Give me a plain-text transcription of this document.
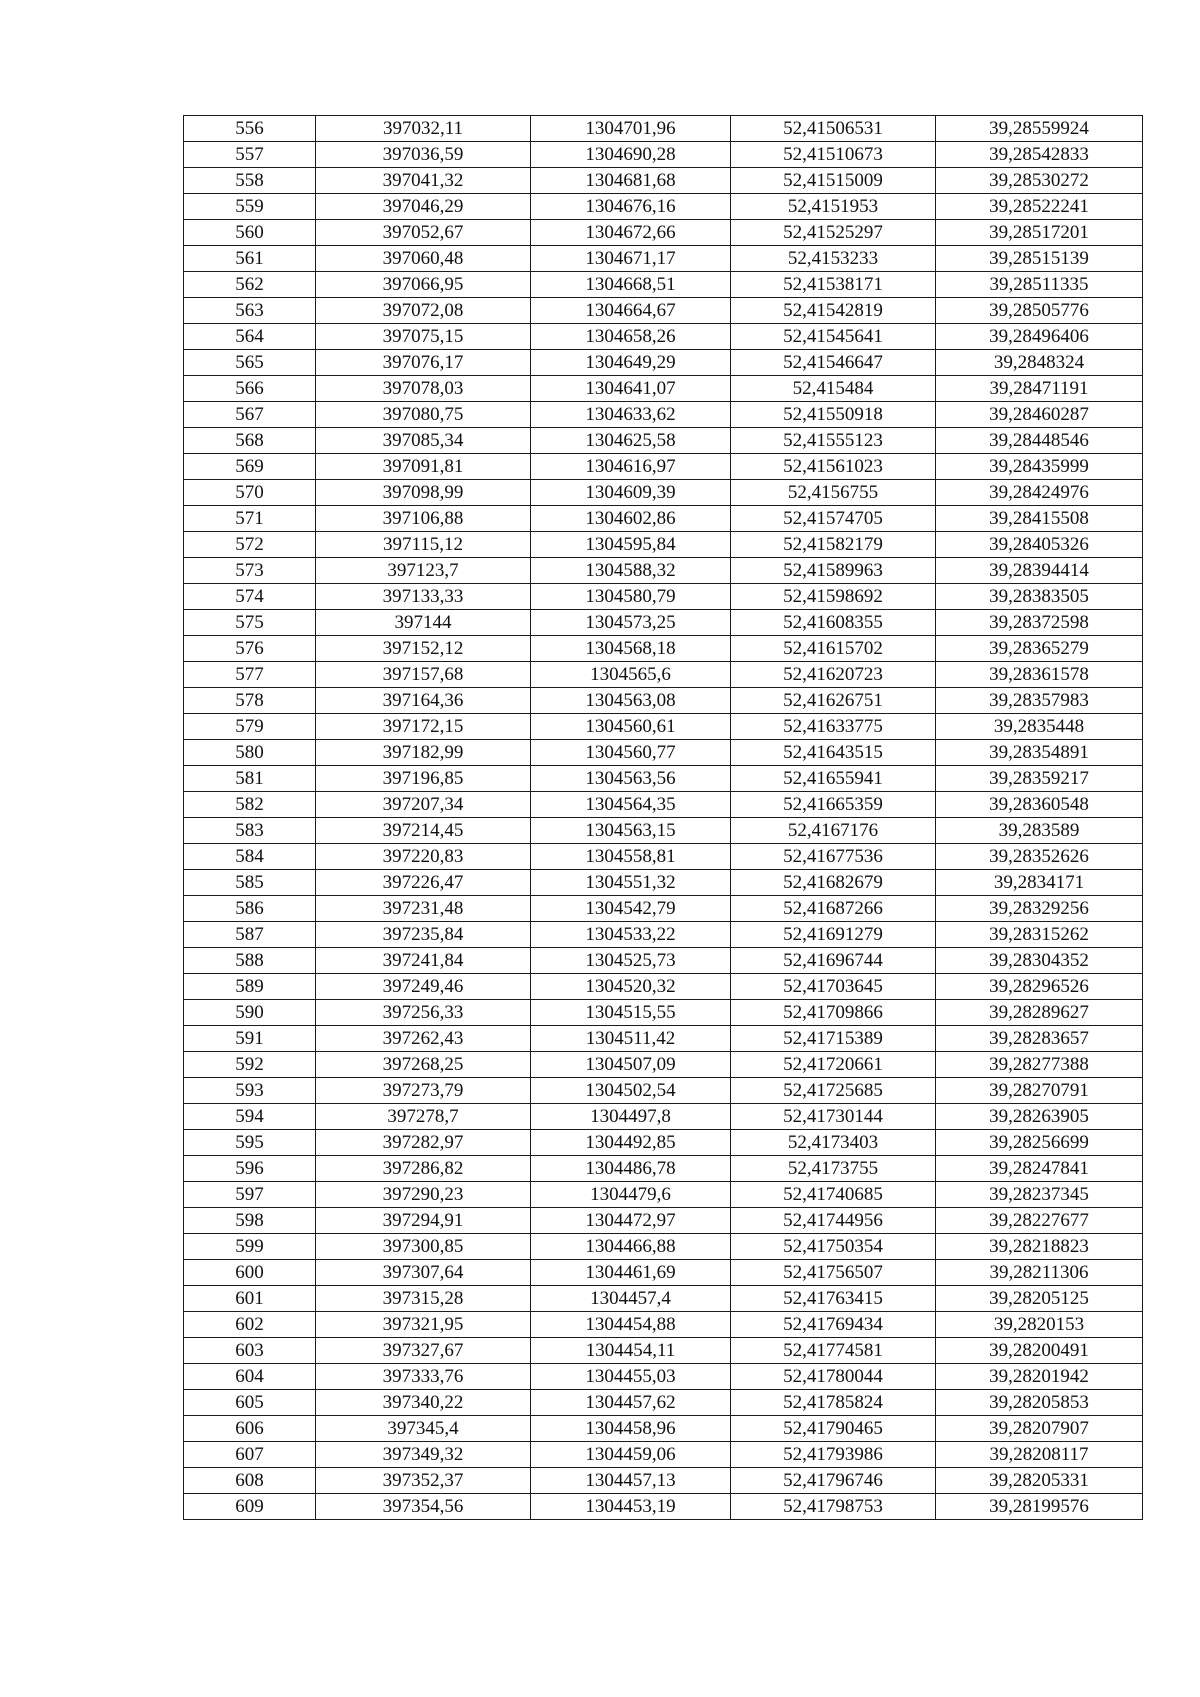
556	397032,11	1304701,96	52,41506531	39,28559924
557	397036,59	1304690,28	52,41510673	39,28542833
558	397041,32	1304681,68	52,41515009	39,28530272
559	397046,29	1304676,16	52,4151953	39,28522241
560	397052,67	1304672,66	52,41525297	39,28517201
561	397060,48	1304671,17	52,4153233	39,28515139
562	397066,95	1304668,51	52,41538171	39,28511335
563	397072,08	1304664,67	52,41542819	39,28505776
564	397075,15	1304658,26	52,41545641	39,28496406
565	397076,17	1304649,29	52,41546647	39,2848324
566	397078,03	1304641,07	52,415484	39,28471191
567	397080,75	1304633,62	52,41550918	39,28460287
568	397085,34	1304625,58	52,41555123	39,28448546
569	397091,81	1304616,97	52,41561023	39,28435999
570	397098,99	1304609,39	52,4156755	39,28424976
571	397106,88	1304602,86	52,41574705	39,28415508
572	397115,12	1304595,84	52,41582179	39,28405326
573	397123,7	1304588,32	52,41589963	39,28394414
574	397133,33	1304580,79	52,41598692	39,28383505
575	397144	1304573,25	52,41608355	39,28372598
576	397152,12	1304568,18	52,41615702	39,28365279
577	397157,68	1304565,6	52,41620723	39,28361578
578	397164,36	1304563,08	52,41626751	39,28357983
579	397172,15	1304560,61	52,41633775	39,2835448
580	397182,99	1304560,77	52,41643515	39,28354891
581	397196,85	1304563,56	52,41655941	39,28359217
582	397207,34	1304564,35	52,41665359	39,28360548
583	397214,45	1304563,15	52,4167176	39,283589
584	397220,83	1304558,81	52,41677536	39,28352626
585	397226,47	1304551,32	52,41682679	39,2834171
586	397231,48	1304542,79	52,41687266	39,28329256
587	397235,84	1304533,22	52,41691279	39,28315262
588	397241,84	1304525,73	52,41696744	39,28304352
589	397249,46	1304520,32	52,41703645	39,28296526
590	397256,33	1304515,55	52,41709866	39,28289627
591	397262,43	1304511,42	52,41715389	39,28283657
592	397268,25	1304507,09	52,41720661	39,28277388
593	397273,79	1304502,54	52,41725685	39,28270791
594	397278,7	1304497,8	52,41730144	39,28263905
595	397282,97	1304492,85	52,4173403	39,28256699
596	397286,82	1304486,78	52,4173755	39,28247841
597	397290,23	1304479,6	52,41740685	39,28237345
598	397294,91	1304472,97	52,41744956	39,28227677
599	397300,85	1304466,88	52,41750354	39,28218823
600	397307,64	1304461,69	52,41756507	39,28211306
601	397315,28	1304457,4	52,41763415	39,28205125
602	397321,95	1304454,88	52,41769434	39,2820153
603	397327,67	1304454,11	52,41774581	39,28200491
604	397333,76	1304455,03	52,41780044	39,28201942
605	397340,22	1304457,62	52,41785824	39,28205853
606	397345,4	1304458,96	52,41790465	39,28207907
607	397349,32	1304459,06	52,41793986	39,28208117
608	397352,37	1304457,13	52,41796746	39,28205331
609	397354,56	1304453,19	52,41798753	39,28199576
